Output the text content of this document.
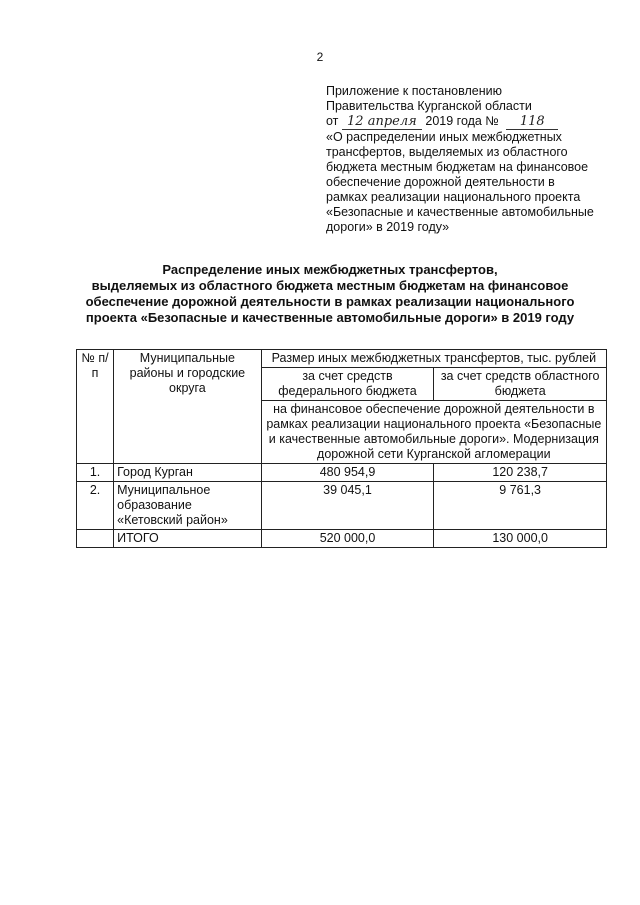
2
Приложение к постановлению
Правительства Курганской области
от 12 апреля 2019 года № 118
«О распределении иных межбюджетных
трансфертов, выделяемых из областного
бюджета местным бюджетам на финансовое
обеспечение дорожной деятельности в
рамках реализации национального проекта
«Безопасные и качественные автомобильные
дороги» в 2019 году»
Распределение иных межбюджетных трансфертов,
выделяемых из областного бюджета местным бюджетам на финансовое
обеспечение дорожной деятельности в рамках реализации национального
проекта «Безопасные и качественные автомобильные дороги» в 2019 году
№ п/п	Муниципальные районы и городские округа	Размер иных межбюджетных трансфертов, тыс. рублей	
		за счет средств федерального бюджета	за счет средств областного бюджета
		на финансовое обеспечение дорожной деятельности в рамках реализации национального проекта «Безопасные и качественные автомобильные дороги». Модернизация дорожной сети Курганской агломерации	
1.	Город Курган	480 954,9	120 238,7
2.	Муниципальное образование «Кетовский район»	39 045,1	9 761,3
	ИТОГО	520 000,0	130 000,0
